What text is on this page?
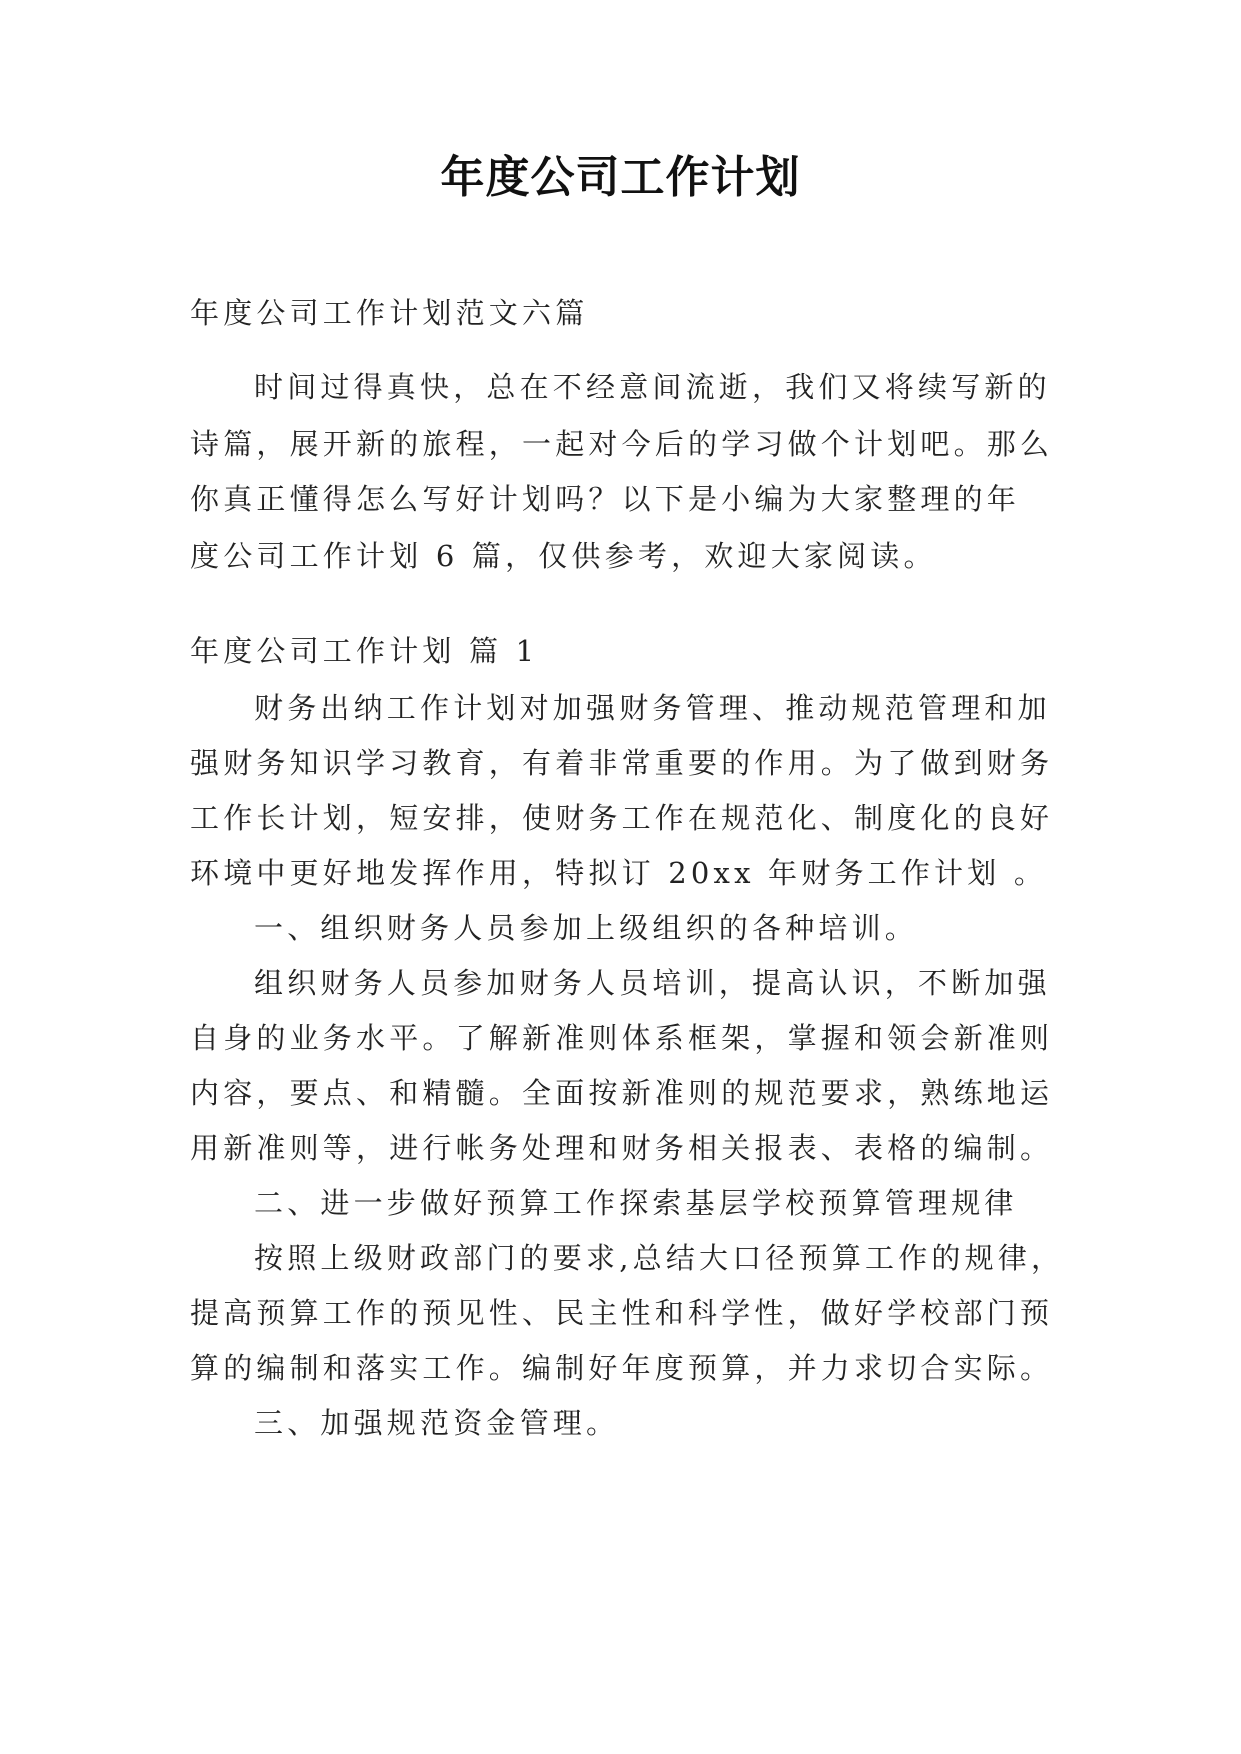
年度公司工作计划
年度公司工作计划范文六篇
时间过得真快，总在不经意间流逝，我们又将续写新的
诗篇，展开新的旅程，一起对今后的学习做个计划吧。那么
你真正懂得怎么写好计划吗？以下是小编为大家整理的年
度公司工作计划 6 篇，仅供参考，欢迎大家阅读。
年度公司工作计划 篇 1
财务出纳工作计划对加强财务管理、推动规范管理和加
强财务知识学习教育，有着非常重要的作用。为了做到财务
工作长计划，短安排，使财务工作在规范化、制度化的良好
环境中更好地发挥作用，特拟订 20xx 年财务工作计划 。
一、组织财务人员参加上级组织的各种培训。
组织财务人员参加财务人员培训，提高认识，不断加强
自身的业务水平。了解新准则体系框架，掌握和领会新准则
内容，要点、和精髓。全面按新准则的规范要求，熟练地运
用新准则等，进行帐务处理和财务相关报表、表格的编制。
二、进一步做好预算工作探索基层学校预算管理规律
按照上级财政部门的要求,总结大口径预算工作的规律，
提高预算工作的预见性、民主性和科学性，做好学校部门预
算的编制和落实工作。编制好年度预算，并力求切合实际。
三、加强规范资金管理。
